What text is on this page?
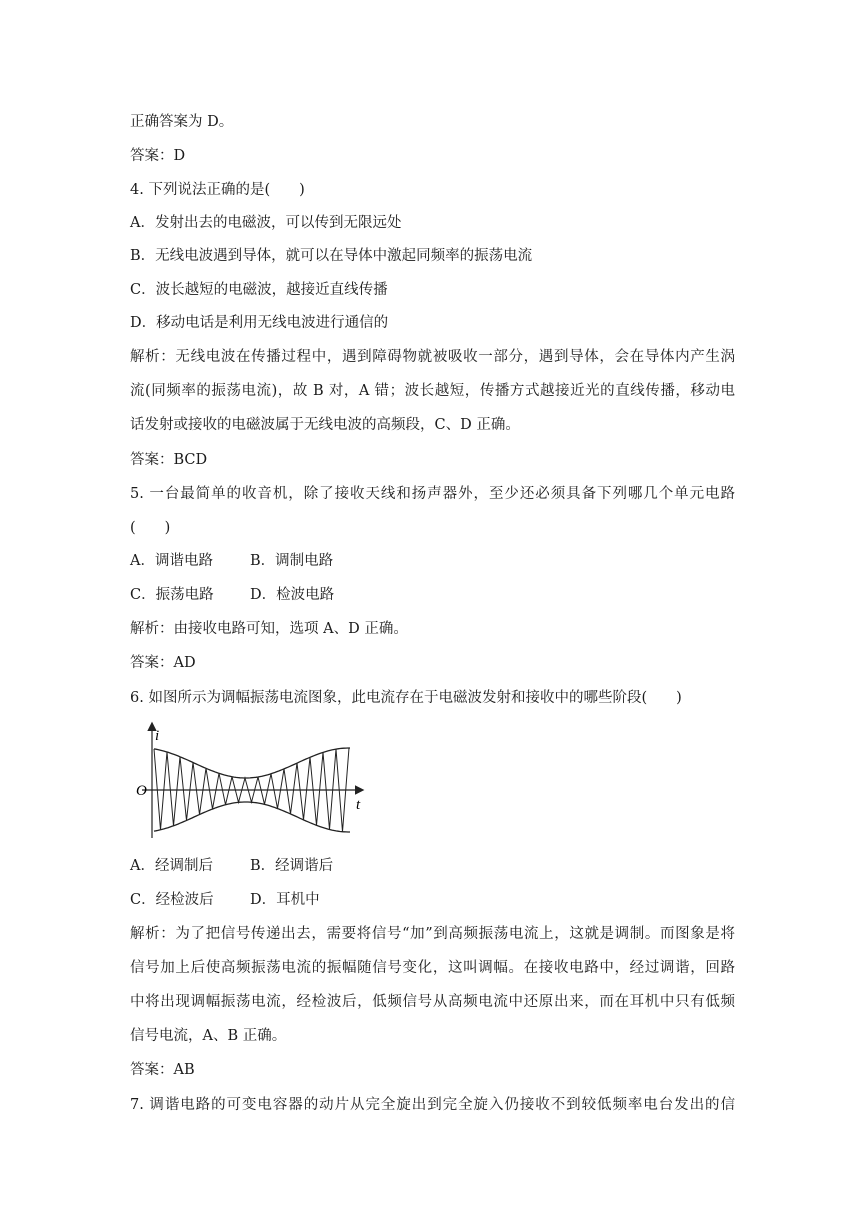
正确答案为 D。
答案：D
4. 下列说法正确的是(　　)
A．发射出去的电磁波，可以传到无限远处
B．无线电波遇到导体，就可以在导体中激起同频率的振荡电流
C．波长越短的电磁波，越接近直线传播
D．移动电话是利用无线电波进行通信的
解析：无线电波在传播过程中，遇到障碍物就被吸收一部分，遇到导体，会在导体内产生涡
流(同频率的振荡电流)，故 B 对，A 错；波长越短，传播方式越接近光的直线传播，移动电
话发射或接收的电磁波属于无线电波的高频段，C、D 正确。
答案：BCD
5. 一台最简单的收音机，除了接收天线和扬声器外，至少还必须具备下列哪几个单元电路
(　　)
A．调谐电路	B．调制电路
C．振荡电路	D．检波电路
解析：由接收电路可知，选项 A、D 正确。
答案：AD
6. 如图所示为调幅振荡电流图象，此电流存在于电磁波发射和接收中的哪些阶段(　　)
i
t
O
A．经调制后	B．经调谐后
C．经检波后	D．耳机中
解析：为了把信号传递出去，需要将信号“加”到高频振荡电流上，这就是调制。而图象是将
信号加上后使高频振荡电流的振幅随信号变化，这叫调幅。在接收电路中，经过调谐，回路
中将出现调幅振荡电流，经检波后，低频信号从高频电流中还原出来，而在耳机中只有低频
信号电流，A、B 正确。
答案：AB
7. 调谐电路的可变电容器的动片从完全旋出到完全旋入仍接收不到较低频率电台发出的信
